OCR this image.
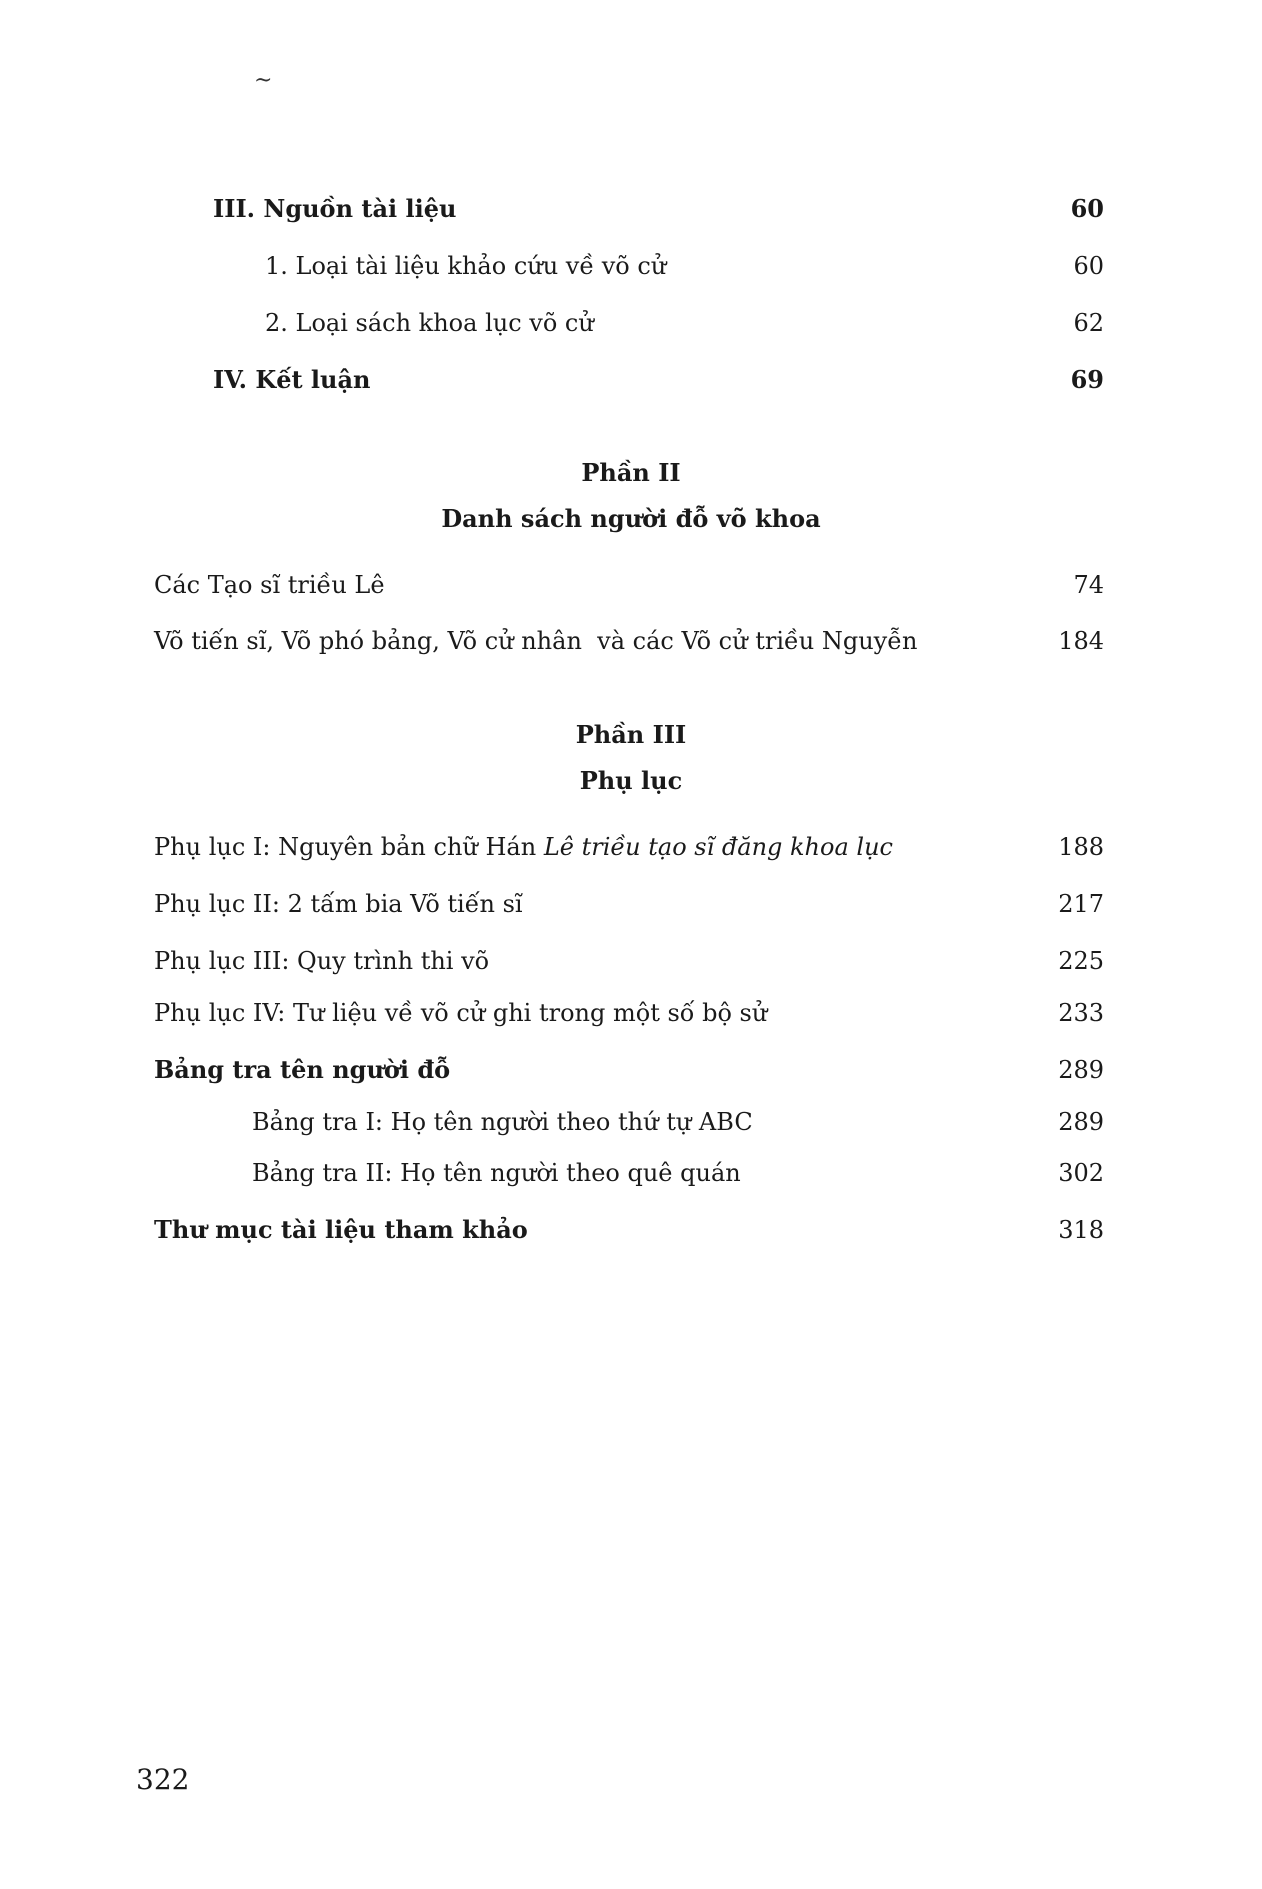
~
III. Nguồn tài liệu	60
1. Loại tài liệu khảo cứu về võ cử	60
2. Loại sách khoa lục võ cử	62
IV. Kết luận	69
Phần II
Danh sách người đỗ võ khoa
Các Tạo sĩ triều Lê	74
Võ tiến sĩ, Võ phó bảng, Võ cử nhân  và các Võ cử triều Nguyễn	184
Phần III
Phụ lục
Phụ lục I: Nguyên bản chữ Hán Lê triều tạo sĩ đăng khoa lục	188
Phụ lục II: 2 tấm bia Võ tiến sĩ	217
Phụ lục III: Quy trình thi võ	225
Phụ lục IV: Tư liệu về võ cử ghi trong một số bộ sử	233
Bảng tra tên người đỗ	289
Bảng tra I: Họ tên người theo thứ tự ABC	289
Bảng tra II: Họ tên người theo quê quán	302
Thư mục tài liệu tham khảo	318
322
